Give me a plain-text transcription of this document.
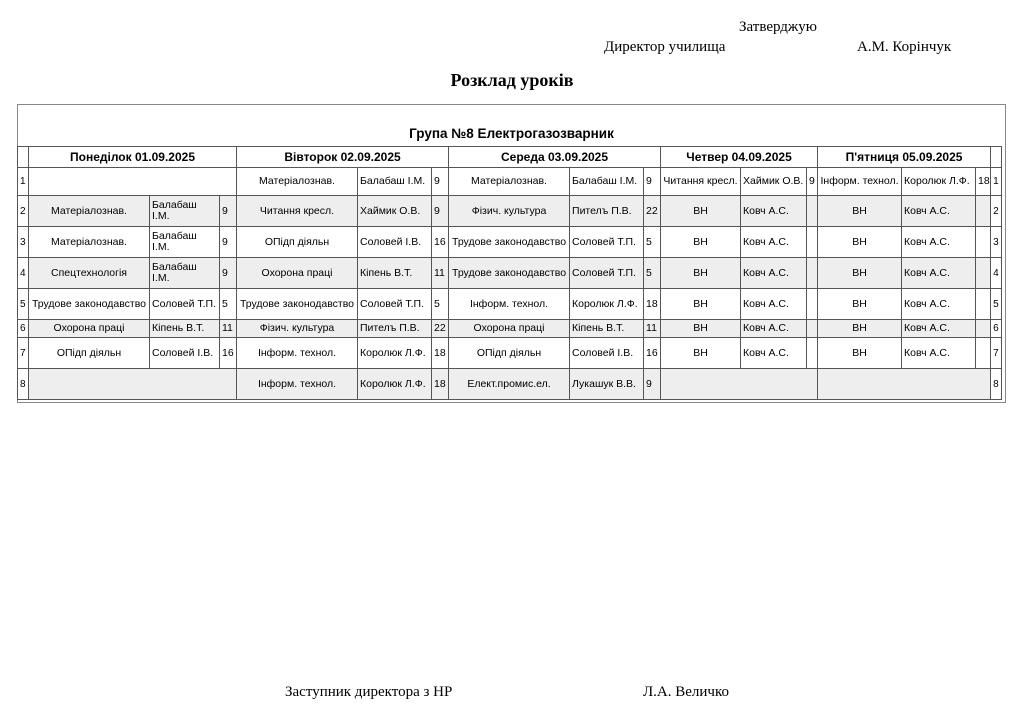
Затверджую
Директор училища	А.М. Корінчук
Розклад уроків
Група №8 Електрогазозварник
	Понеділок 01.09.2025			Вівторок 02.09.2025			Середа 03.09.2025			Четвер 04.09.2025			П'ятниця 05.09.2025			
1				Матеріалознав.	Балабаш І.М.	9	Матеріалознав.	Балабаш І.М.	9	Читання кресл.	Хаймик О.В.	9	Інформ. технол.	Королюк Л.Ф.	18	1
2	Матеріалознав.	Балабаш І.М.	9	Читання кресл.	Хаймик О.В.	9	Фізич. культура	Пителъ П.В.	22	ВН	Ковч А.С.		ВН	Ковч А.С.		2
3	Матеріалознав.	Балабаш І.М.	9	ОПідп діяльн	Соловей І.В.	16	Трудове законодавство	Соловей Т.П.	5	ВН	Ковч А.С.		ВН	Ковч А.С.		3
4	Спецтехнологія	Балабаш І.М.	9	Охорона праці	Кіпень В.Т.	11	Трудове законодавство	Соловей Т.П.	5	ВН	Ковч А.С.		ВН	Ковч А.С.		4
5	Трудове законодавство	Соловей Т.П.	5	Трудове законодавство	Соловей Т.П.	5	Інформ. технол.	Королюк Л.Ф.	18	ВН	Ковч А.С.		ВН	Ковч А.С.		5
6	Охорона праці	Кіпень В.Т.	11	Фізич. культура	Пителъ П.В.	22	Охорона праці	Кіпень В.Т.	11	ВН	Ковч А.С.		ВН	Ковч А.С.		6
7	ОПідп діяльн	Соловей І.В.	16	Інформ. технол.	Королюк Л.Ф.	18	ОПідп діяльн	Соловей І.В.	16	ВН	Ковч А.С.		ВН	Ковч А.С.		7
8				Інформ. технол.	Королюк Л.Ф.	18	Елект.промис.ел.	Лукашук В.В.	9							8
Заступник директора з НР	Л.А. Величко
